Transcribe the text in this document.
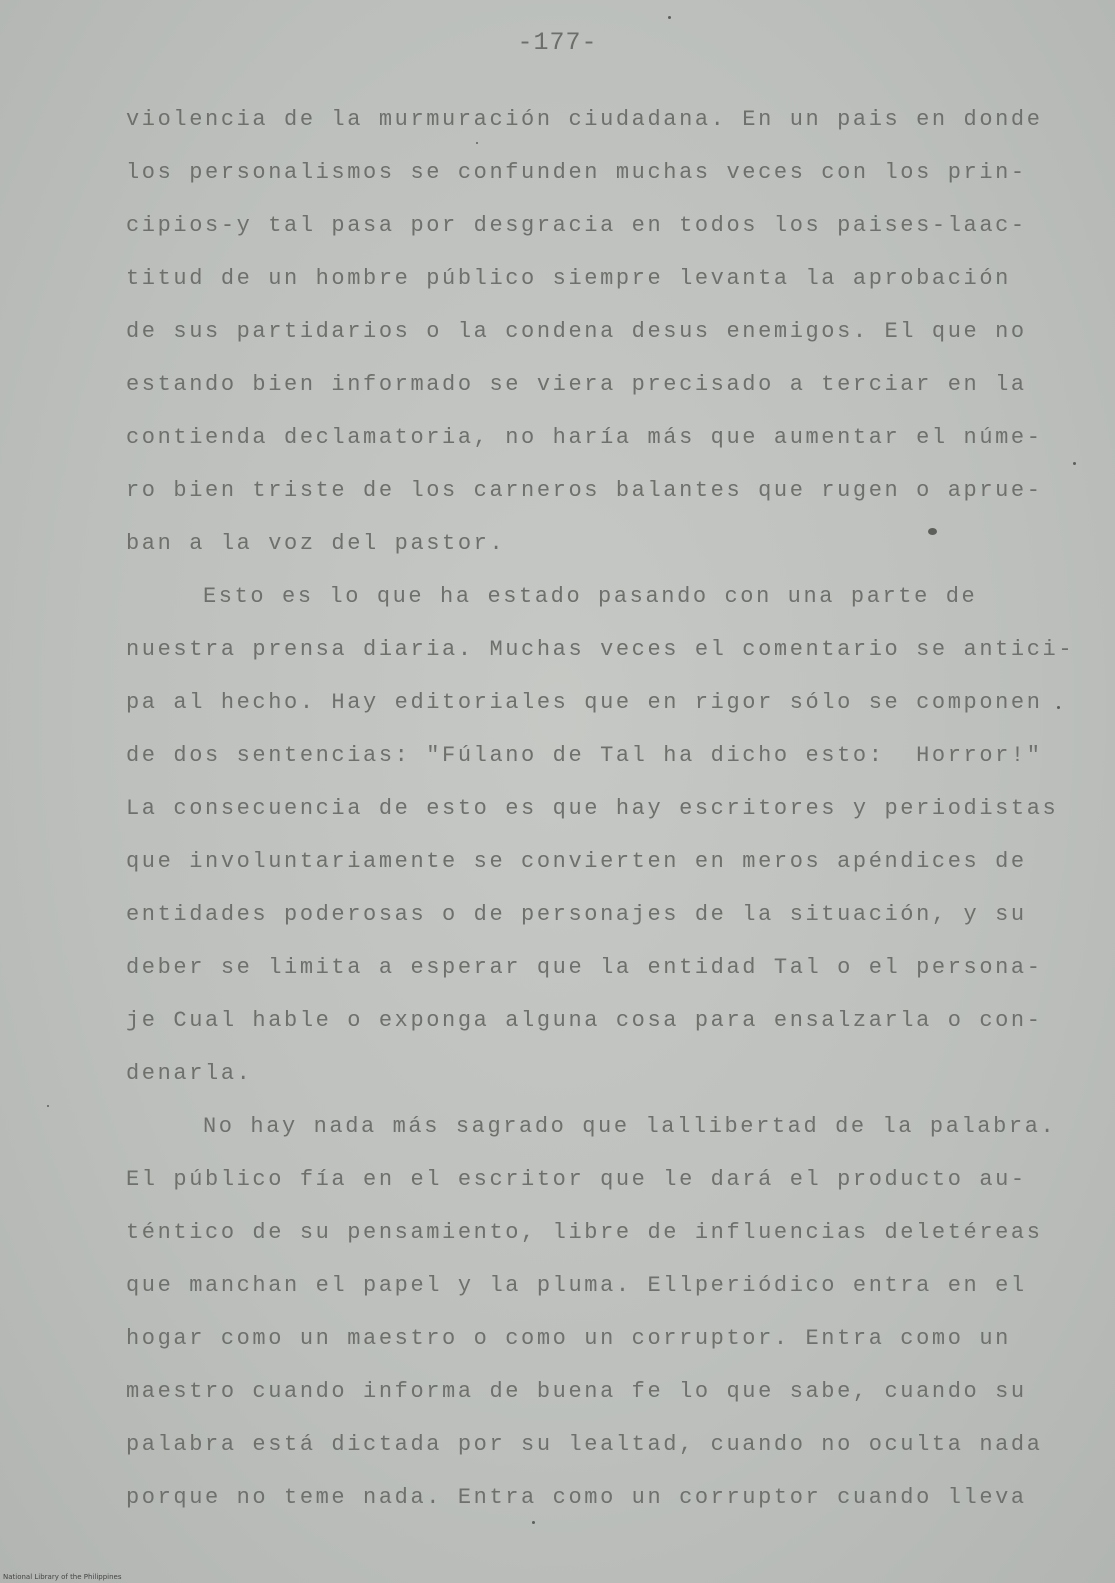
-177-
violencia de la murmuración ciudadana. En un pais en donde
los personalismos se confunden muchas veces con los prin-
cipios-y tal pasa por desgracia en todos los paises-laac-
titud de un hombre público siempre levanta la aprobación
de sus partidarios o la condena desus enemigos. El que no
estando bien informado se viera precisado a terciar en la
contienda declamatoria, no haría más que aumentar el núme-
ro bien triste de los carneros balantes que rugen o aprue-
ban a la voz del pastor.
Esto es lo que ha estado pasando con una parte de
nuestra prensa diaria. Muchas veces el comentario se antici-
pa al hecho. Hay editoriales que en rigor sólo se componen
de dos sentencias: "Fúlano de Tal ha dicho esto:  Horror!"
La consecuencia de esto es que hay escritores y periodistas
que involuntariamente se convierten en meros apéndices de
entidades poderosas o de personajes de la situación, y su
deber se limita a esperar que la entidad Tal o el persona-
je Cual hable o exponga alguna cosa para ensalzarla o con-
denarla.
No hay nada más sagrado que lallibertad de la palabra.
El público fía en el escritor que le dará el producto au-
téntico de su pensamiento, libre de influencias deletéreas
que manchan el papel y la pluma. Ellperiódico entra en el
hogar como un maestro o como un corruptor. Entra como un
maestro cuando informa de buena fe lo que sabe, cuando su
palabra está dictada por su lealtad, cuando no oculta nada
porque no teme nada. Entra como un corruptor cuando lleva
National Library of the Philippines
